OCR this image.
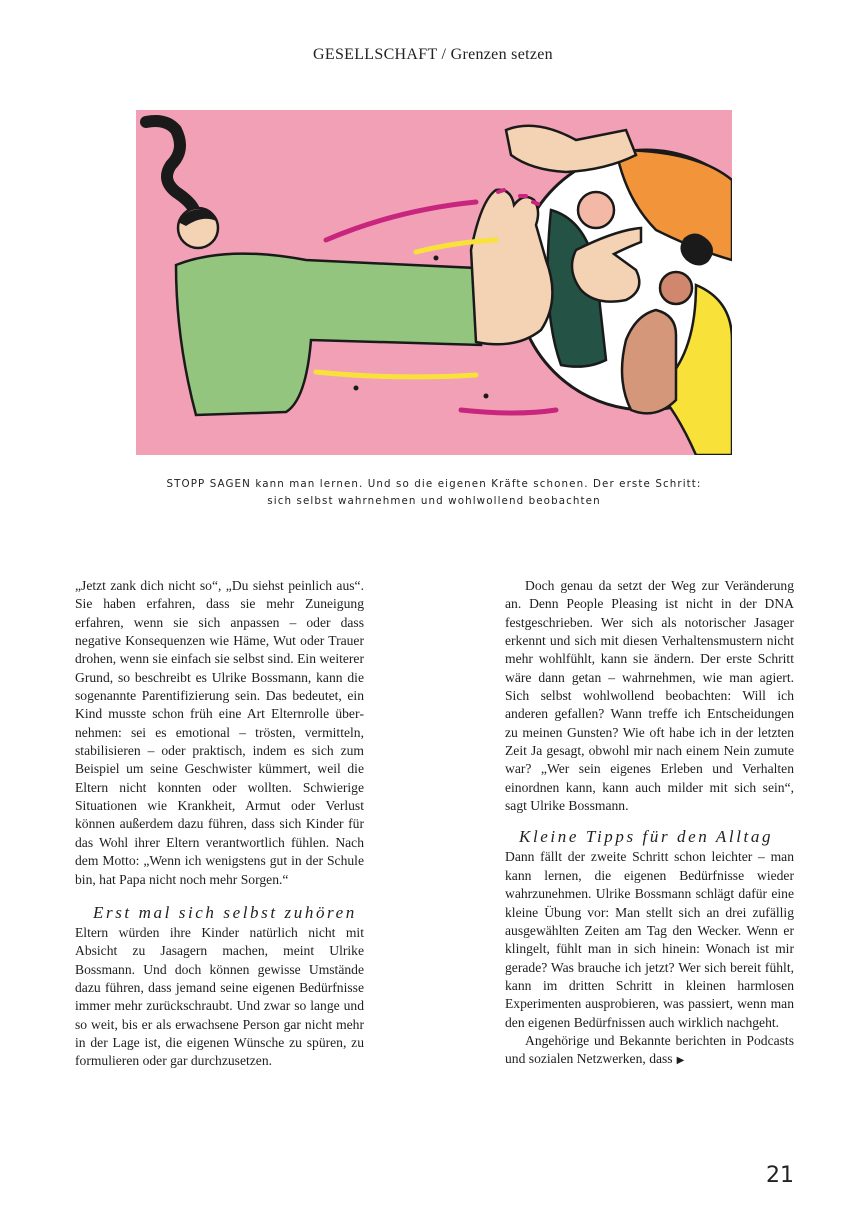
GESELLSCHAFT / Grenzen setzen
STOPP SAGEN kann man lernen. Und so die eigenen Kräfte schonen. Der erste Schritt:
sich selbst wahrnehmen und wohlwollend beobachten

„Jetzt zank dich nicht so“, „Du siehst peinlich aus“. Sie haben erfahren, dass sie mehr Zuneigung erfahren, wenn sie sich anpassen – oder dass negative Konsequenzen wie Häme, Wut oder Trauer drohen, wenn sie einfach sie selbst sind. Ein weiterer Grund, so beschreibt es Ulrike Bossmann, kann die sogenannte Parentifizierung sein. Das bedeutet, ein Kind musste schon früh eine Art Elternrolle übernehmen: sei es emotional – trösten, vermitteln, stabilisieren – oder praktisch, indem es sich zum Beispiel um seine Geschwister kümmert, weil die Eltern nicht konnten oder wollten. Schwierige Situationen wie Krankheit, Armut oder Verlust können außerdem dazu führen, dass sich Kinder für das Wohl ihrer Eltern verantwortlich fühlen. Nach dem Motto: „Wenn ich wenigstens gut in der Schule bin, hat Papa nicht noch mehr Sorgen.“

Erst mal sich selbst zuhören

Eltern würden ihre Kinder natürlich nicht mit Absicht zu Jasagern machen, meint Ulrike Bossmann. Und doch können gewisse Umstände dazu führen, dass jemand seine eigenen Bedürfnisse immer mehr zurückschraubt. Und zwar so lange und so weit, bis er als erwachsene Person gar nicht mehr in der Lage ist, die eigenen Wünsche zu spüren, zu formulieren oder gar durchzusetzen.

Doch genau da setzt der Weg zur Veränderung an. Denn People Pleasing ist nicht in der DNA festgeschrieben. Wer sich als notorischer Jasager erkennt und sich mit diesen Verhaltensmustern nicht mehr wohlfühlt, kann sie ändern. Der erste Schritt wäre dann getan – wahrnehmen, wie man agiert. Sich selbst wohlwollend beobachten: Will ich anderen gefallen? Wann treffe ich Entscheidungen zu meinen Gunsten? Wie oft habe ich in der letzten Zeit Ja gesagt, obwohl mir nach einem Nein zumute war? „Wer sein eigenes Erleben und Verhalten einordnen kann, kann auch milder mit sich sein“, sagt Ulrike Bossmann.

Kleine Tipps für den Alltag

Dann fällt der zweite Schritt schon leichter – man kann lernen, die eigenen Bedürfnisse wieder wahrzunehmen. Ulrike Bossmann schlägt dafür eine kleine Übung vor: Man stellt sich an drei zufällig ausgewählten Zeiten am Tag den Wecker. Wenn er klingelt, fühlt man in sich hinein: Wonach ist mir gerade? Was brauche ich jetzt? Wer sich bereit fühlt, kann im dritten Schritt in kleinen harmlosen Experimenten ausprobieren, was passiert, wenn man den eigenen Bedürfnissen auch wirklich nachgeht.

Angehörige und Bekannte berichten in Podcasts und sozialen Netzwerken, dass ▶

21
